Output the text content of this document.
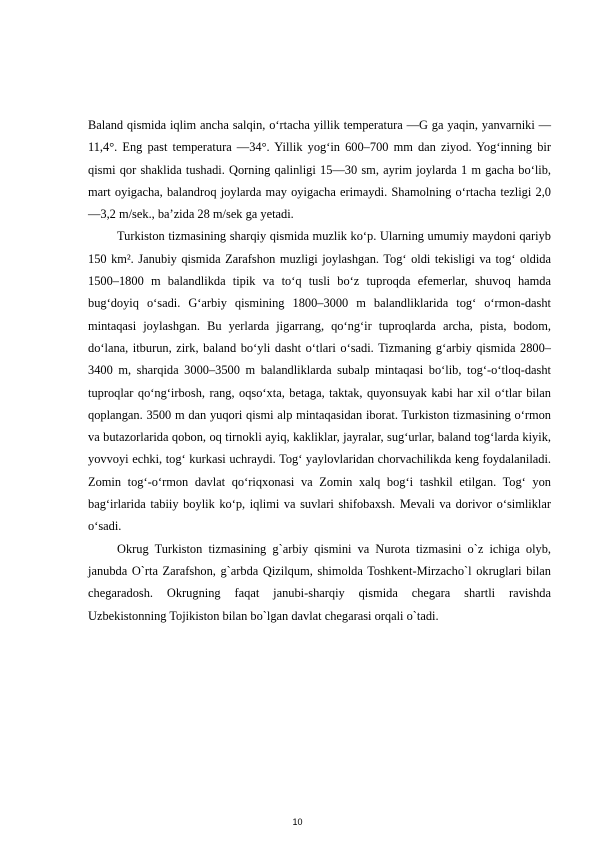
Baland qismida iqlim ancha salqin, o‘rtacha yillik temperatura —G ga yaqin, yanvarniki — 11,4°. Eng past temperatura —34°. Yillik yog‘in 600–700 mm dan ziyod. Yog‘inning bir qismi qor shaklida tushadi. Qorning qalinligi 15—30 sm, ayrim joylarda 1 m gacha bo‘lib, mart oyigacha, balandroq joylarda may oyigacha erimaydi. Shamolning o‘rtacha tezligi 2,0—3,2 m/sek., ba’zida 28 m/sek ga yetadi.

Turkiston tizmasining sharqiy qismida muzlik ko‘p. Ularning umumiy maydoni qariyb 150 km². Janubiy qismida Zarafshon muzligi joylashgan. Tog‘ oldi tekisligi va tog‘ oldida 1500–1800 m balandlikda tipik va to‘q tusli bo‘z tuproqda efemerlar, shuvoq hamda bug‘doyiq o‘sadi. G‘arbiy qismining 1800–3000 m balandliklarida tog‘ o‘rmon-dasht mintaqasi joylashgan. Bu yerlarda jigarrang, qo‘ng‘ir tuproqlarda archa, pista, bodom, do‘lana, itburun, zirk, baland bo‘yli dasht o‘tlari o‘sadi. Tizmaning g‘arbiy qismida 2800– 3400 m, sharqida 3000–3500 m balandliklarda subalp mintaqasi bo‘lib, tog‘-o‘tloq-dasht tuproqlar qo‘ng‘irbosh, rang, oqso‘xta, betaga, taktak, quyonsuyak kabi har xil o‘tlar bilan qoplangan. 3500 m dan yuqori qismi alp mintaqasidan iborat. Turkiston tizmasining o‘rmon va butazorlarida qobon, oq tirnokli ayiq, kakliklar, jayralar, sug‘urlar, baland tog‘larda kiyik, yovvoyi echki, tog‘ kurkasi uchraydi. Tog‘ yaylovlaridan chorvachilikda keng foydalaniladi. Zomin tog‘-o‘rmon davlat qo‘riqxonasi va Zomin xalq bog‘i tashkil etilgan. Tog‘ yon bag‘irlarida tabiiy boylik ko‘p, iqlimi va suvlari shifobaxsh. Mevali va dorivor o‘simliklar o‘sadi.

Okrug Turkiston tizmasining g`arbiy qismini va Nurota tizmasini o`z ichiga olyb, janubda O`rta Zarafshon, g`arbda Qizilqum, shimolda Toshkent-Mirzacho`l okruglari bilan chegaradosh. Okrugning faqat janubi-sharqiy qismida chegara shartli ravishda Uzbekistonning Tojikiston bilan bo`lgan davlat chegarasi orqali o`tadi.

10
